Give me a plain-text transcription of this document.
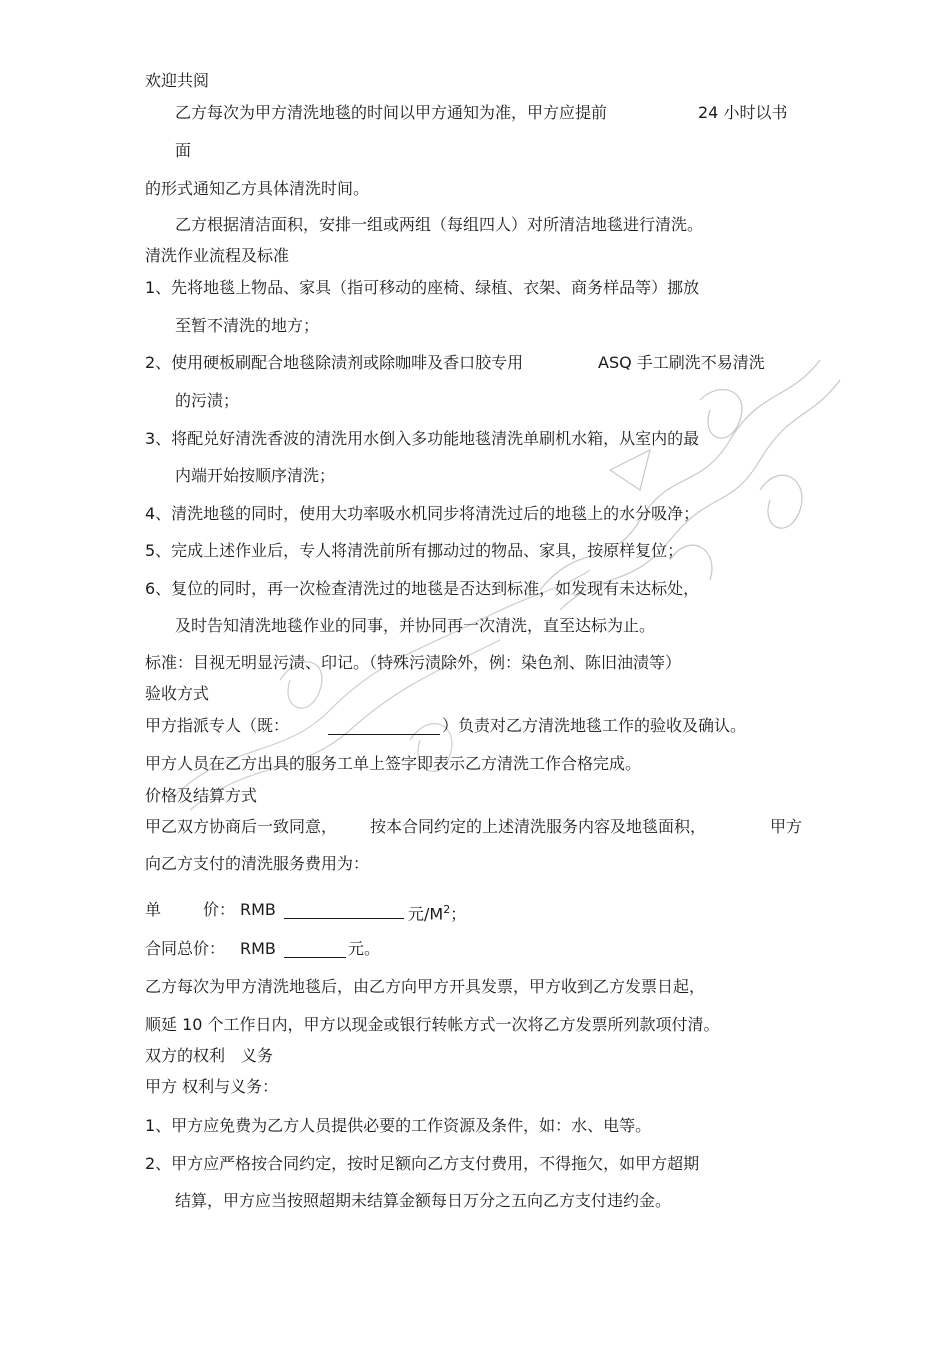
欢迎共阅
乙方每次为甲方清洗地毯的时间以甲方通知为准，甲方应提前	24 小时以书
面
的形式通知乙方具体清洗时间。
乙方根据清洁面积，安排一组或两组（每组四人）对所清洁地毯进行清洗。
清洗作业流程及标准
1、先将地毯上物品、家具（指可移动的座椅、绿植、衣架、商务样品等）挪放
至暂不清洗的地方；
2、使用硬板刷配合地毯除渍剂或除咖啡及香口胶专用	ASQ 手工刷洗不易清洗
的污渍；
3、将配兑好清洗香波的清洗用水倒入多功能地毯清洗单刷机水箱，从室内的最
内端开始按顺序清洗；
4、清洗地毯的同时，使用大功率吸水机同步将清洗过后的地毯上的水分吸净；
5、完成上述作业后，专人将清洗前所有挪动过的物品、家具，按原样复位；
6、复位的同时，再一次检查清洗过的地毯是否达到标准，如发现有未达标处，
及时告知清洗地毯作业的同事，并协同再一次清洗，直至达标为止。
标准：目视无明显污渍、印记。（特殊污渍除外，例：染色剂、陈旧油渍等）
验收方式
甲方指派专人（既：	）负责对乙方清洗地毯工作的验收及确认。
甲方人员在乙方出具的服务工单上签字即表示乙方清洗工作合格完成。
价格及结算方式
甲乙双方协商后一致同意， 按本合同约定的上述清洗服务内容及地毯面积，	甲方
向乙方支付的清洗服务费用为：
单	价： RMB	元$/M^2$；
合同总价： RMB	元。
乙方每次为甲方清洗地毯后，由乙方向甲方开具发票，甲方收到乙方发票日起，
顺延 10 个工作日内，甲方以现金或银行转帐方式一次将乙方发票所列款项付清。
双方的权利　义务
甲方 权利与义务：
1、甲方应免费为乙方人员提供必要的工作资源及条件，如：水、电等。
2、甲方应严格按合同约定，按时足额向乙方支付费用，不得拖欠，如甲方超期
结算，甲方应当按照超期未结算金额每日万分之五向乙方支付违约金。
